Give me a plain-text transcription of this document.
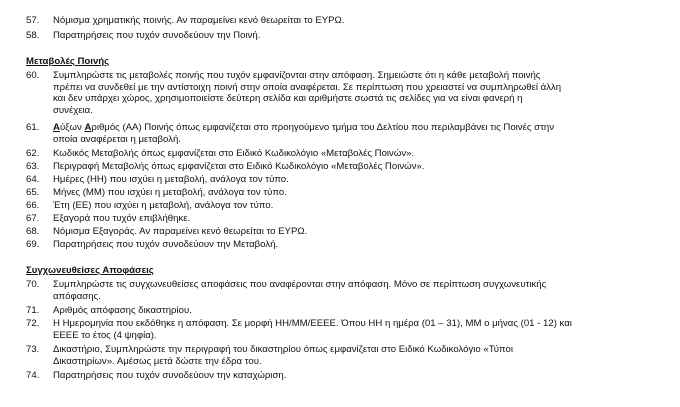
57.	Νόμισμα χρηματικής ποινής. Αν παραμείνει κενό θεωρείται το ΕΥΡΩ.
58.	Παρατηρήσεις που τυχόν συνοδεύουν την Ποινή.
Μεταβολές Ποινής
60.	Συμπληρώστε τις μεταβολές ποινής που τυχόν εμφανίζονται στην απόφαση. Σημειώστε ότι η κάθε μεταβολή ποινής
πρέπει να συνδεθεί με την αντίστοιχη ποινή στην οποία αναφέρεται. Σε περίπτωση που χρειαστεί να συμπληρωθεί άλλη
και δεν υπάρχει χώρος, χρησιμοποιείστε δεύτερη σελίδα και αριθμήστε σωστά τις σελίδες για να είναι φανερή η
συνέχεια.
61.	Αύξων Αριθμός (ΑΑ) Ποινής όπως εμφανίζεται στο προηγούμενο τμήμα του Δελτίου που περιλαμβάνει τις Ποινές στην
οποία αναφέρεται η μεταβολή.
62.	Κωδικός Μεταβολής όπως εμφανίζεται στο Ειδικό Κωδικολόγιο «Μεταβολές Ποινών».
63.	Περιγραφή Μεταβολής όπως εμφανίζεται στο Ειδικό Κωδικολόγιο «Μεταβολές Ποινών».
64.	Ημέρες (ΗΗ) που ισχύει η μεταβολή, ανάλογα τον τύπο.
65.	Μήνες (ΜΜ) που ισχύει η μεταβολή, ανάλογα τον τύπο.
66.	Έτη (ΕΕ) που ισχύει η μεταβολή, ανάλογα τον τύπο.
67.	Εξαγορά που τυχόν επιβλήθηκε.
68.	Νόμισμα Εξαγοράς. Αν παραμείνει κενό θεωρείται το ΕΥΡΩ.
69.	Παρατηρήσεις που τυχόν συνοδεύουν την Μεταβολή.
Συγχωνευθείσες Αποφάσεις
70.	Συμπληρώστε τις συγχωνευθείσες αποφάσεις που αναφέρονται στην απόφαση. Μόνο σε περίπτωση συγχωνευτικής
απόφασης.
71.	Αριθμός απόφασης δικαστηρίου.
72.	Η Ημερομηνία που εκδόθηκε η απόφαση. Σε μορφή ΗΗ/ΜΜ/ΕΕΕΕ. Όπου ΗΗ η ημέρα (01 – 31), ΜΜ ο μήνας (01 - 12) και
ΕΕΕΕ το έτος (4 ψηφία).
73.	Δικαστήριο, Συμπληρώστε την περιγραφή του δικαστηρίου όπως εμφανίζεται στο Ειδικό Κωδικολόγιο «Τύποι
Δικαστηρίων». Αμέσως μετά δώστε την έδρα του.
74.	Παρατηρήσεις που τυχόν συνοδεύουν την καταχώριση.
